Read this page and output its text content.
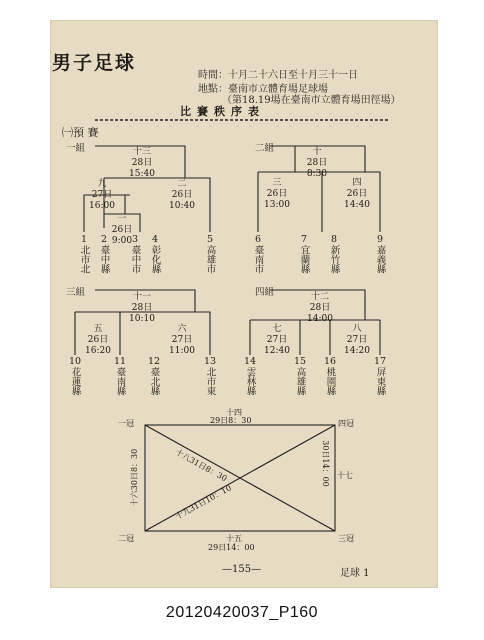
男子足球
時間：十月二十六日至十月三十一日
地點：臺南市立體育場足球場
（第18.19場在臺南市立體育場田徑場）
比賽秩序表
㈠預 賽
一組	十三
28日
15:40
九
27日
16:00
二
26日
10:40
一
26日
9:00
1
北市北
2
臺中縣
3
臺中市
4
彰化縣
5
高雄市
二組	十
28日
8:30
三
26日
13:00
四
26日
14:40
6
臺南市
7
宜蘭縣
8
新竹縣
9
嘉義縣
三組	十一
28日
10:10
五
26日
16:20
六
27日
11:00
10
花蓮縣
11
臺南縣
12
臺北縣
13
北市東
四組	十二
28日
14:00
七
27日
12:40
八
27日
14:20
14
雲林縣
15
高雄縣
16
桃園縣
17
屏東縣
一冠	四冠
二冠	三冠
十四
29日8：30
十五
29日14：00
十六30日8：30	十七
30日14：00
十八31日8：30
十九31日10：10
—155—	足球 1
20120420037_P160
